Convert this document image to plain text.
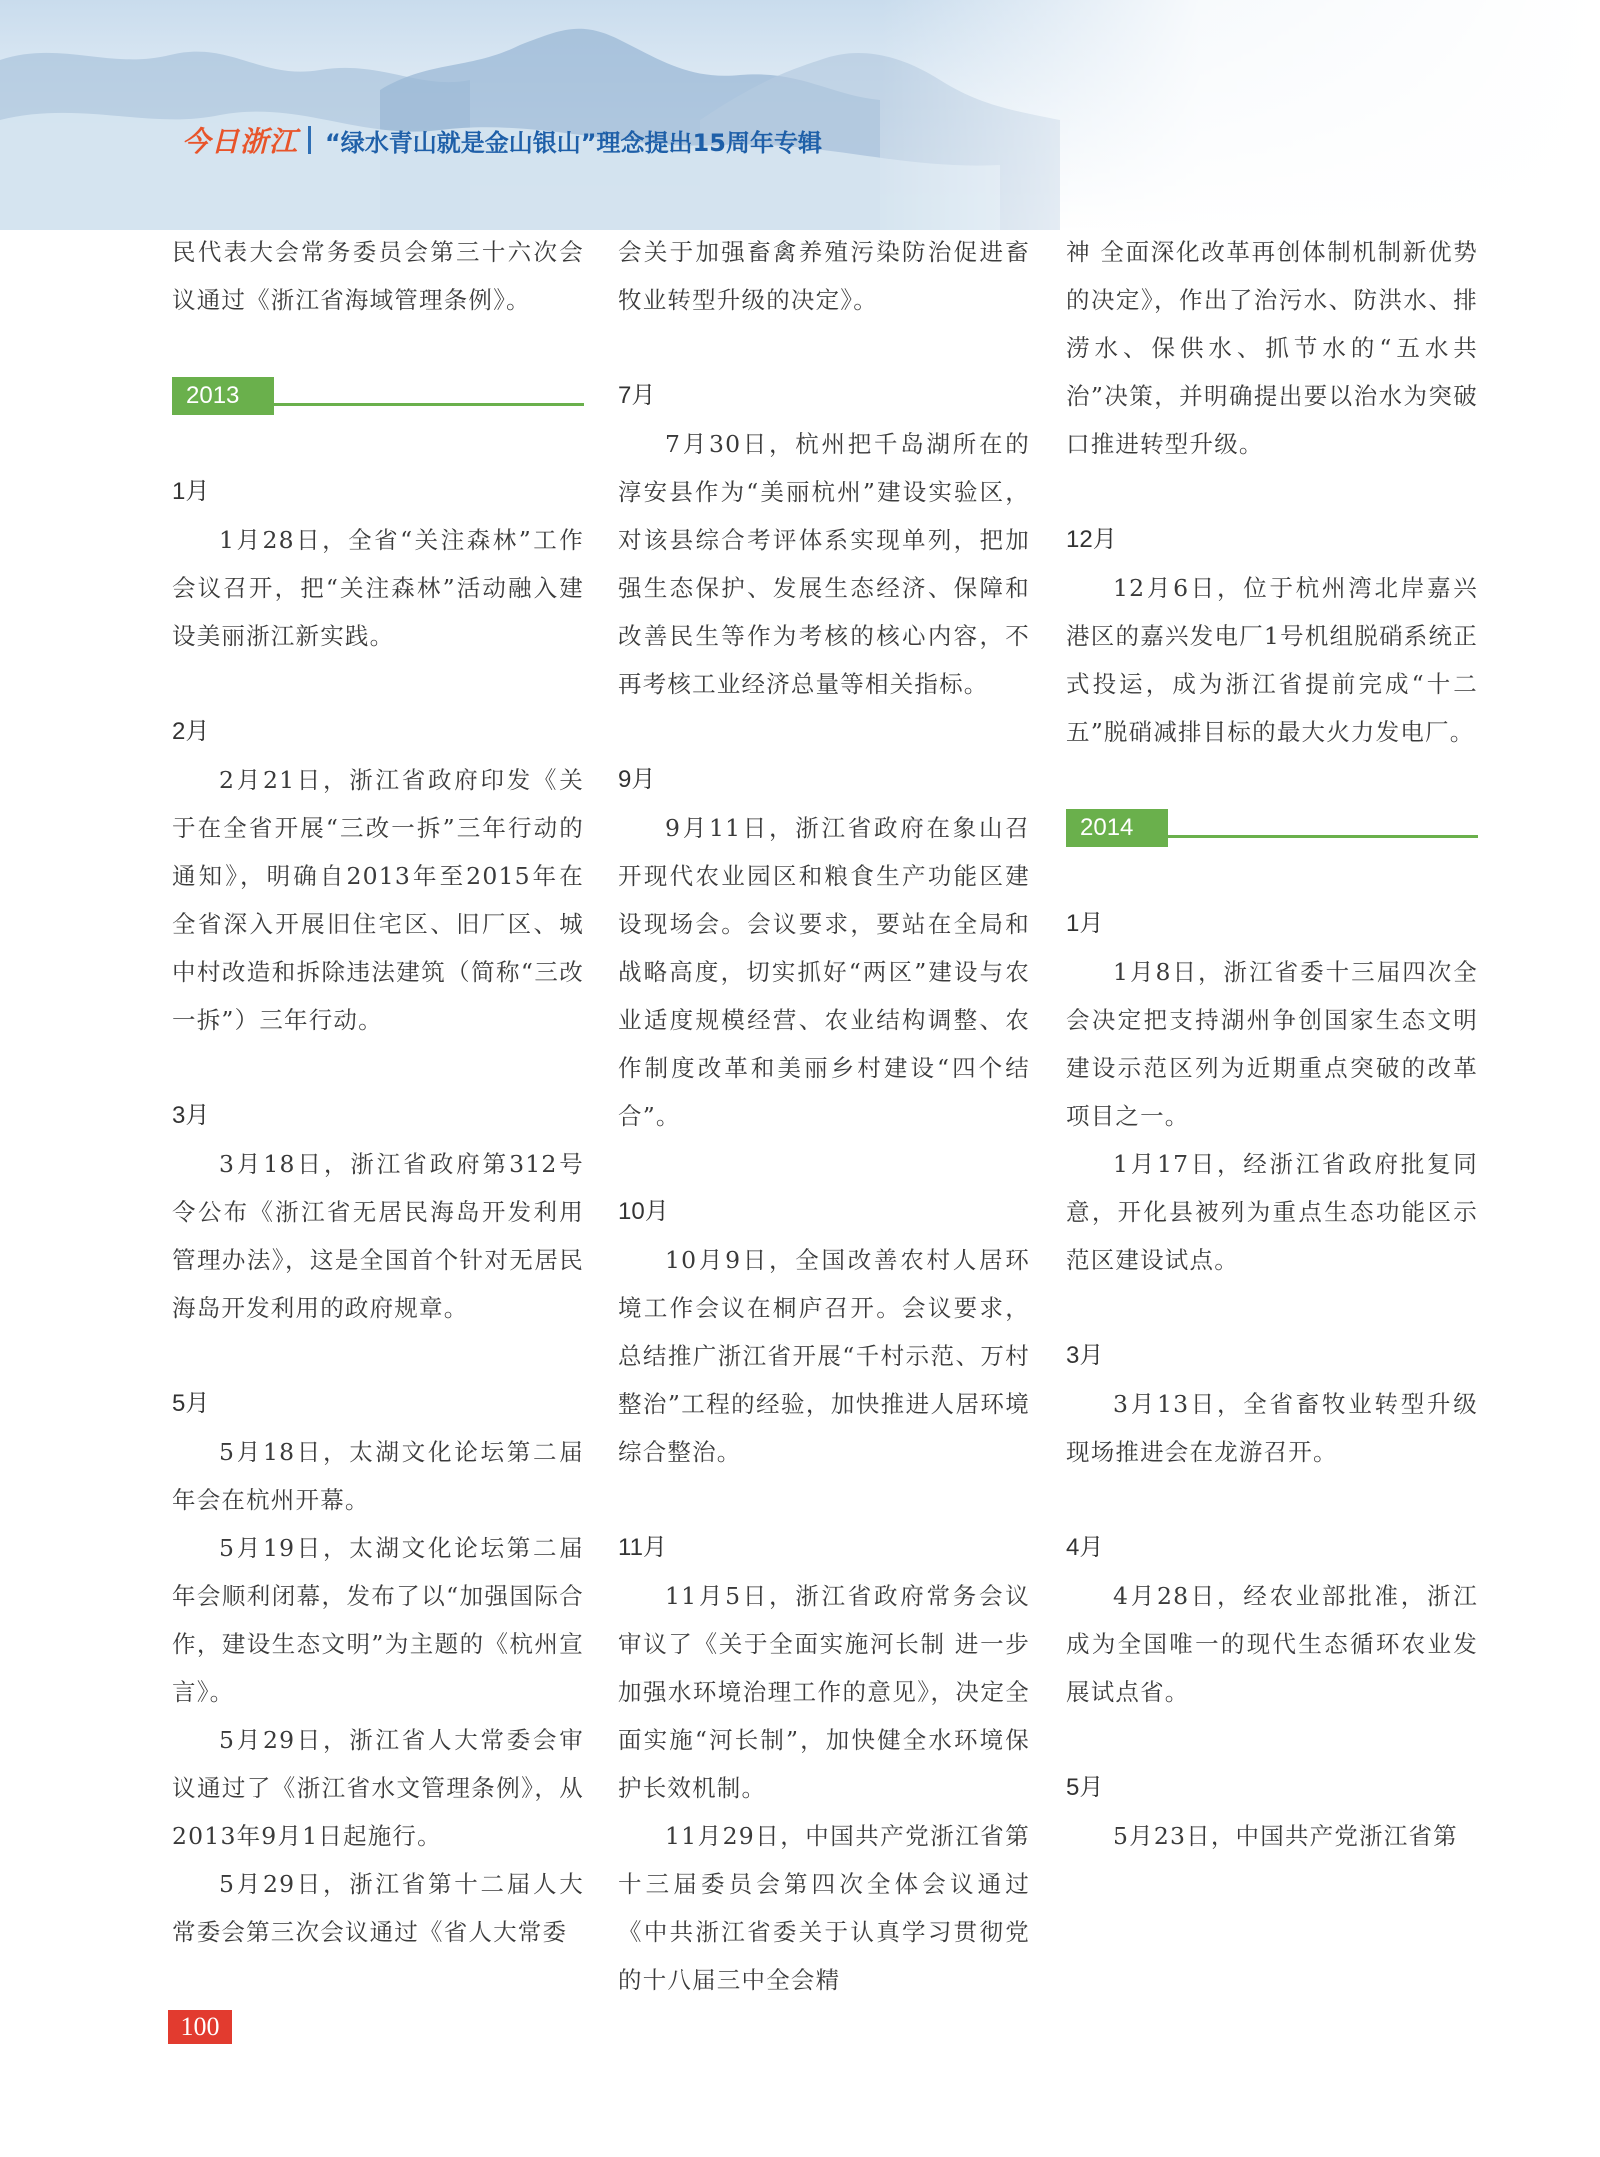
今日浙江 “绿水青山就是金山银山”理念提出15周年专辑

民代表大会常务委员会第三十六次会议通过《浙江省海域管理条例》。

2013年

1月

1月28日，全省“关注森林”工作会议召开，把“关注森林”活动融入建设美丽浙江新实践。

2月

2月21日，浙江省政府印发《关于在全省开展“三改一拆”三年行动的通知》，明确自2013年至2015年在全省深入开展旧住宅区、旧厂区、城中村改造和拆除违法建筑（简称“三改一拆”）三年行动。

3月

3月18日，浙江省政府第312号令公布《浙江省无居民海岛开发利用管理办法》，这是全国首个针对无居民海岛开发利用的政府规章。

5月

5月18日，太湖文化论坛第二届年会在杭州开幕。

5月19日，太湖文化论坛第二届年会顺利闭幕，发布了以“加强国际合作，建设生态文明”为主题的《杭州宣言》。

5月29日，浙江省人大常委会审议通过了《浙江省水文管理条例》，从2013年9月1日起施行。

5月29日，浙江省第十二届人大常委会第三次会议通过《省人大常委

会关于加强畜禽养殖污染防治促进畜牧业转型升级的决定》。

7月

7月30日，杭州把千岛湖所在的淳安县作为“美丽杭州”建设实验区，对该县综合考评体系实现单列，把加强生态保护、发展生态经济、保障和改善民生等作为考核的核心内容，不再考核工业经济总量等相关指标。

9月

9月11日，浙江省政府在象山召开现代农业园区和粮食生产功能区建设现场会。会议要求，要站在全局和战略高度，切实抓好“两区”建设与农业适度规模经营、农业结构调整、农作制度改革和美丽乡村建设“四个结合”。

10月

10月9日，全国改善农村人居环境工作会议在桐庐召开。会议要求，总结推广浙江省开展“千村示范、万村整治”工程的经验，加快推进人居环境综合整治。

11月

11月5日，浙江省政府常务会议审议了《关于全面实施河长制 进一步加强水环境治理工作的意见》，决定全面实施“河长制”，加快健全水环境保护长效机制。

11月29日，中国共产党浙江省第十三届委员会第四次全体会议通过《中共浙江省委关于认真学习贯彻党的十八届三中全会精

神 全面深化改革再创体制机制新优势的决定》，作出了治污水、防洪水、排涝水、保供水、抓节水的“五水共治”决策，并明确提出要以治水为突破口推进转型升级。

12月

12月6日，位于杭州湾北岸嘉兴港区的嘉兴发电厂1号机组脱硝系统正式投运，成为浙江省提前完成“十二五”脱硝减排目标的最大火力发电厂。

2014年

1月

1月8日，浙江省委十三届四次全会决定把支持湖州争创国家生态文明建设示范区列为近期重点突破的改革项目之一。

1月17日，经浙江省政府批复同意，开化县被列为重点生态功能区示范区建设试点。

3月

3月13日，全省畜牧业转型升级现场推进会在龙游召开。

4月

4月28日，经农业部批准，浙江成为全国唯一的现代生态循环农业发展试点省。

5月

5月23日，中国共产党浙江省第

100
